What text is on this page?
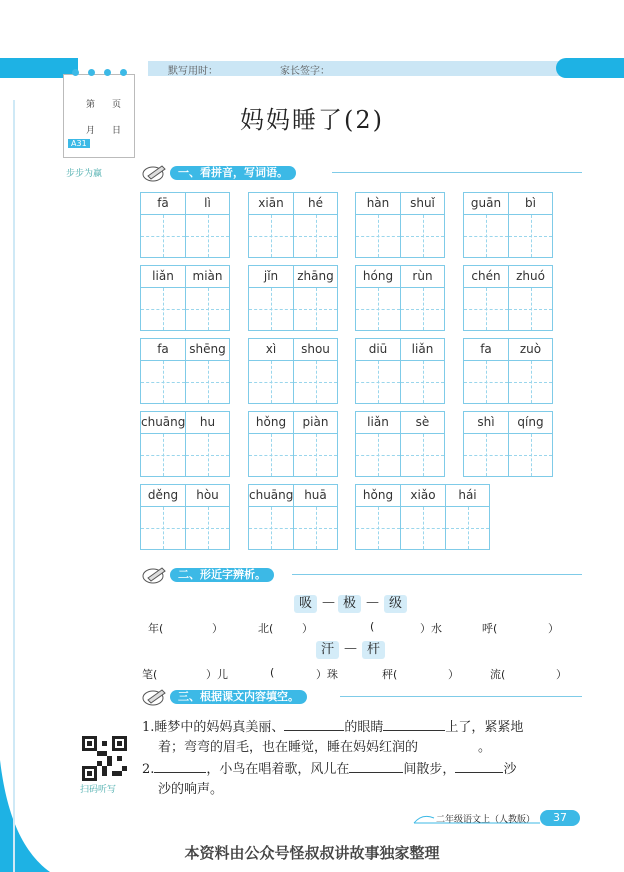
默写用时：	家长签字：
第 页
月 日
A31
步步为赢
妈妈睡了(2)
一、看拼音，写词语。
fā	lì	xiān	hé	hàn	shuǐ	guān	bì
liǎn	miàn	jǐn	zhāng	hóng	rùn	chén	zhuó
fa	shēng	xì	shou	diū	liǎn	fa	zuò
chuāng	hu	hǒng	piàn	liǎn	sè	shì	qíng
děng	hòu	chuāng huā	hǒng	xiǎo	hái
二、形近字辨析。
吸 — 极 — 级
年(	）	北(	）	(	）水	呼(	）
汗 — 杆
笔(	）儿	(	）珠	秤(	）	流(	）
三、根据课文内容填空。
1.睡梦中的妈妈真美丽、	的眼睛	上了，紧紧地
着；弯弯的眉毛，也在睡觉，睡在妈妈红润的	。
2.	，小鸟在唱着歌，风儿在	间散步，	沙
沙的响声。
扫码听写
二年级语文上（人教版）	37
本资料由公众号怪叔叔讲故事独家整理
